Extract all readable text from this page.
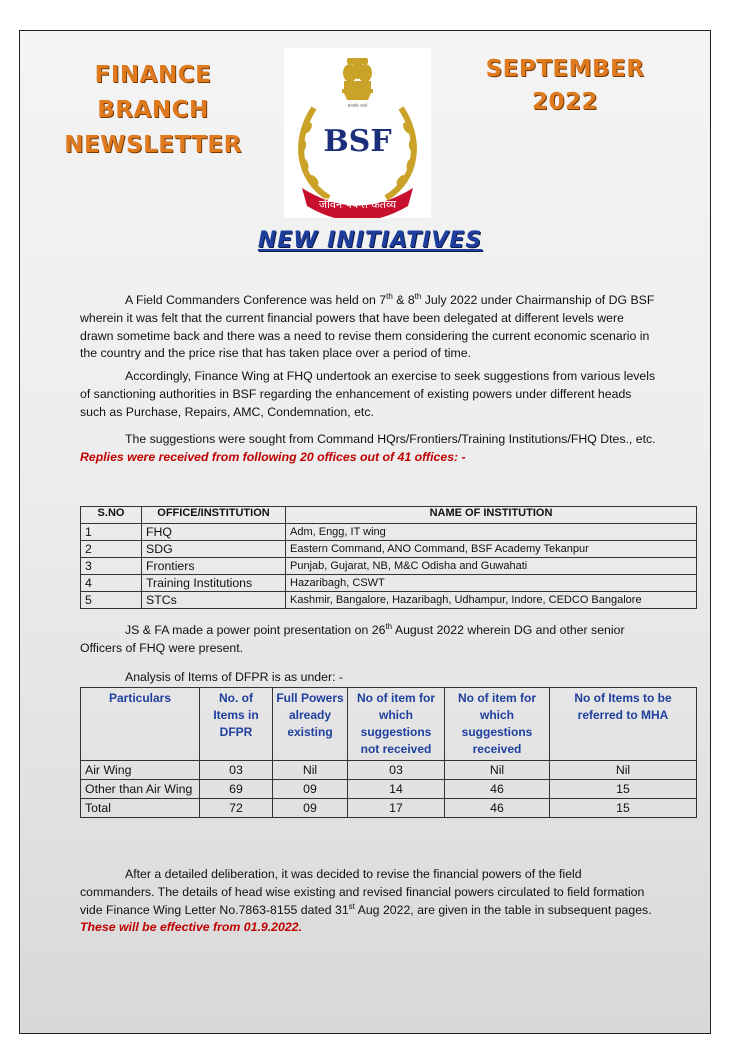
FINANCE
BRANCH
NEWSLETTER
SEPTEMBER
2022
सत्यमेव जयते
BSF
जीवन पर्यन्त कर्तव्य
NEW INITIATIVES
A Field Commanders Conference was held on 7th & 8th July 2022 under Chairmanship of DG BSF wherein it was felt that the current financial powers that have been delegated at different levels were drawn sometime back and there was a need to revise them considering the current economic scenario in the country and the price rise that has taken place over a period of time.
Accordingly, Finance Wing at FHQ undertook an exercise to seek suggestions from various levels of sanctioning authorities in BSF regarding the enhancement of existing powers under different heads such as Purchase, Repairs, AMC, Condemnation, etc.
The suggestions were sought from Command HQrs/Frontiers/Training Institutions/FHQ Dtes., etc. Replies were received from following 20 offices out of 41 offices: -
S.NO	OFFICE/INSTITUTION	NAME OF INSTITUTION
1	FHQ	Adm, Engg, IT wing
2	SDG	Eastern Command, ANO Command, BSF Academy Tekanpur
3	Frontiers	Punjab, Gujarat, NB, M&C Odisha and Guwahati
4	Training Institutions	Hazaribagh, CSWT
5	STCs	Kashmir, Bangalore, Hazaribagh, Udhampur, Indore, CEDCO Bangalore
JS & FA made a power point presentation on 26th August 2022 wherein DG and other senior Officers of FHQ were present.
Analysis of Items of DFPR is as under: -
Particulars	No. of Items in DFPR	Full Powers already existing	No of item for which suggestions not received	No of item for which suggestions received	No of Items to be referred to MHA
Air Wing	03	Nil	03	Nil	Nil
Other than Air Wing	69	09	14	46	15
Total	72	09	17	46	15
After a detailed deliberation, it was decided to revise the financial powers of the field commanders. The details of head wise existing and revised financial powers circulated to field formation vide Finance Wing Letter No.7863-8155 dated 31st Aug 2022, are given in the table in subsequent pages. These will be effective from 01.9.2022.
